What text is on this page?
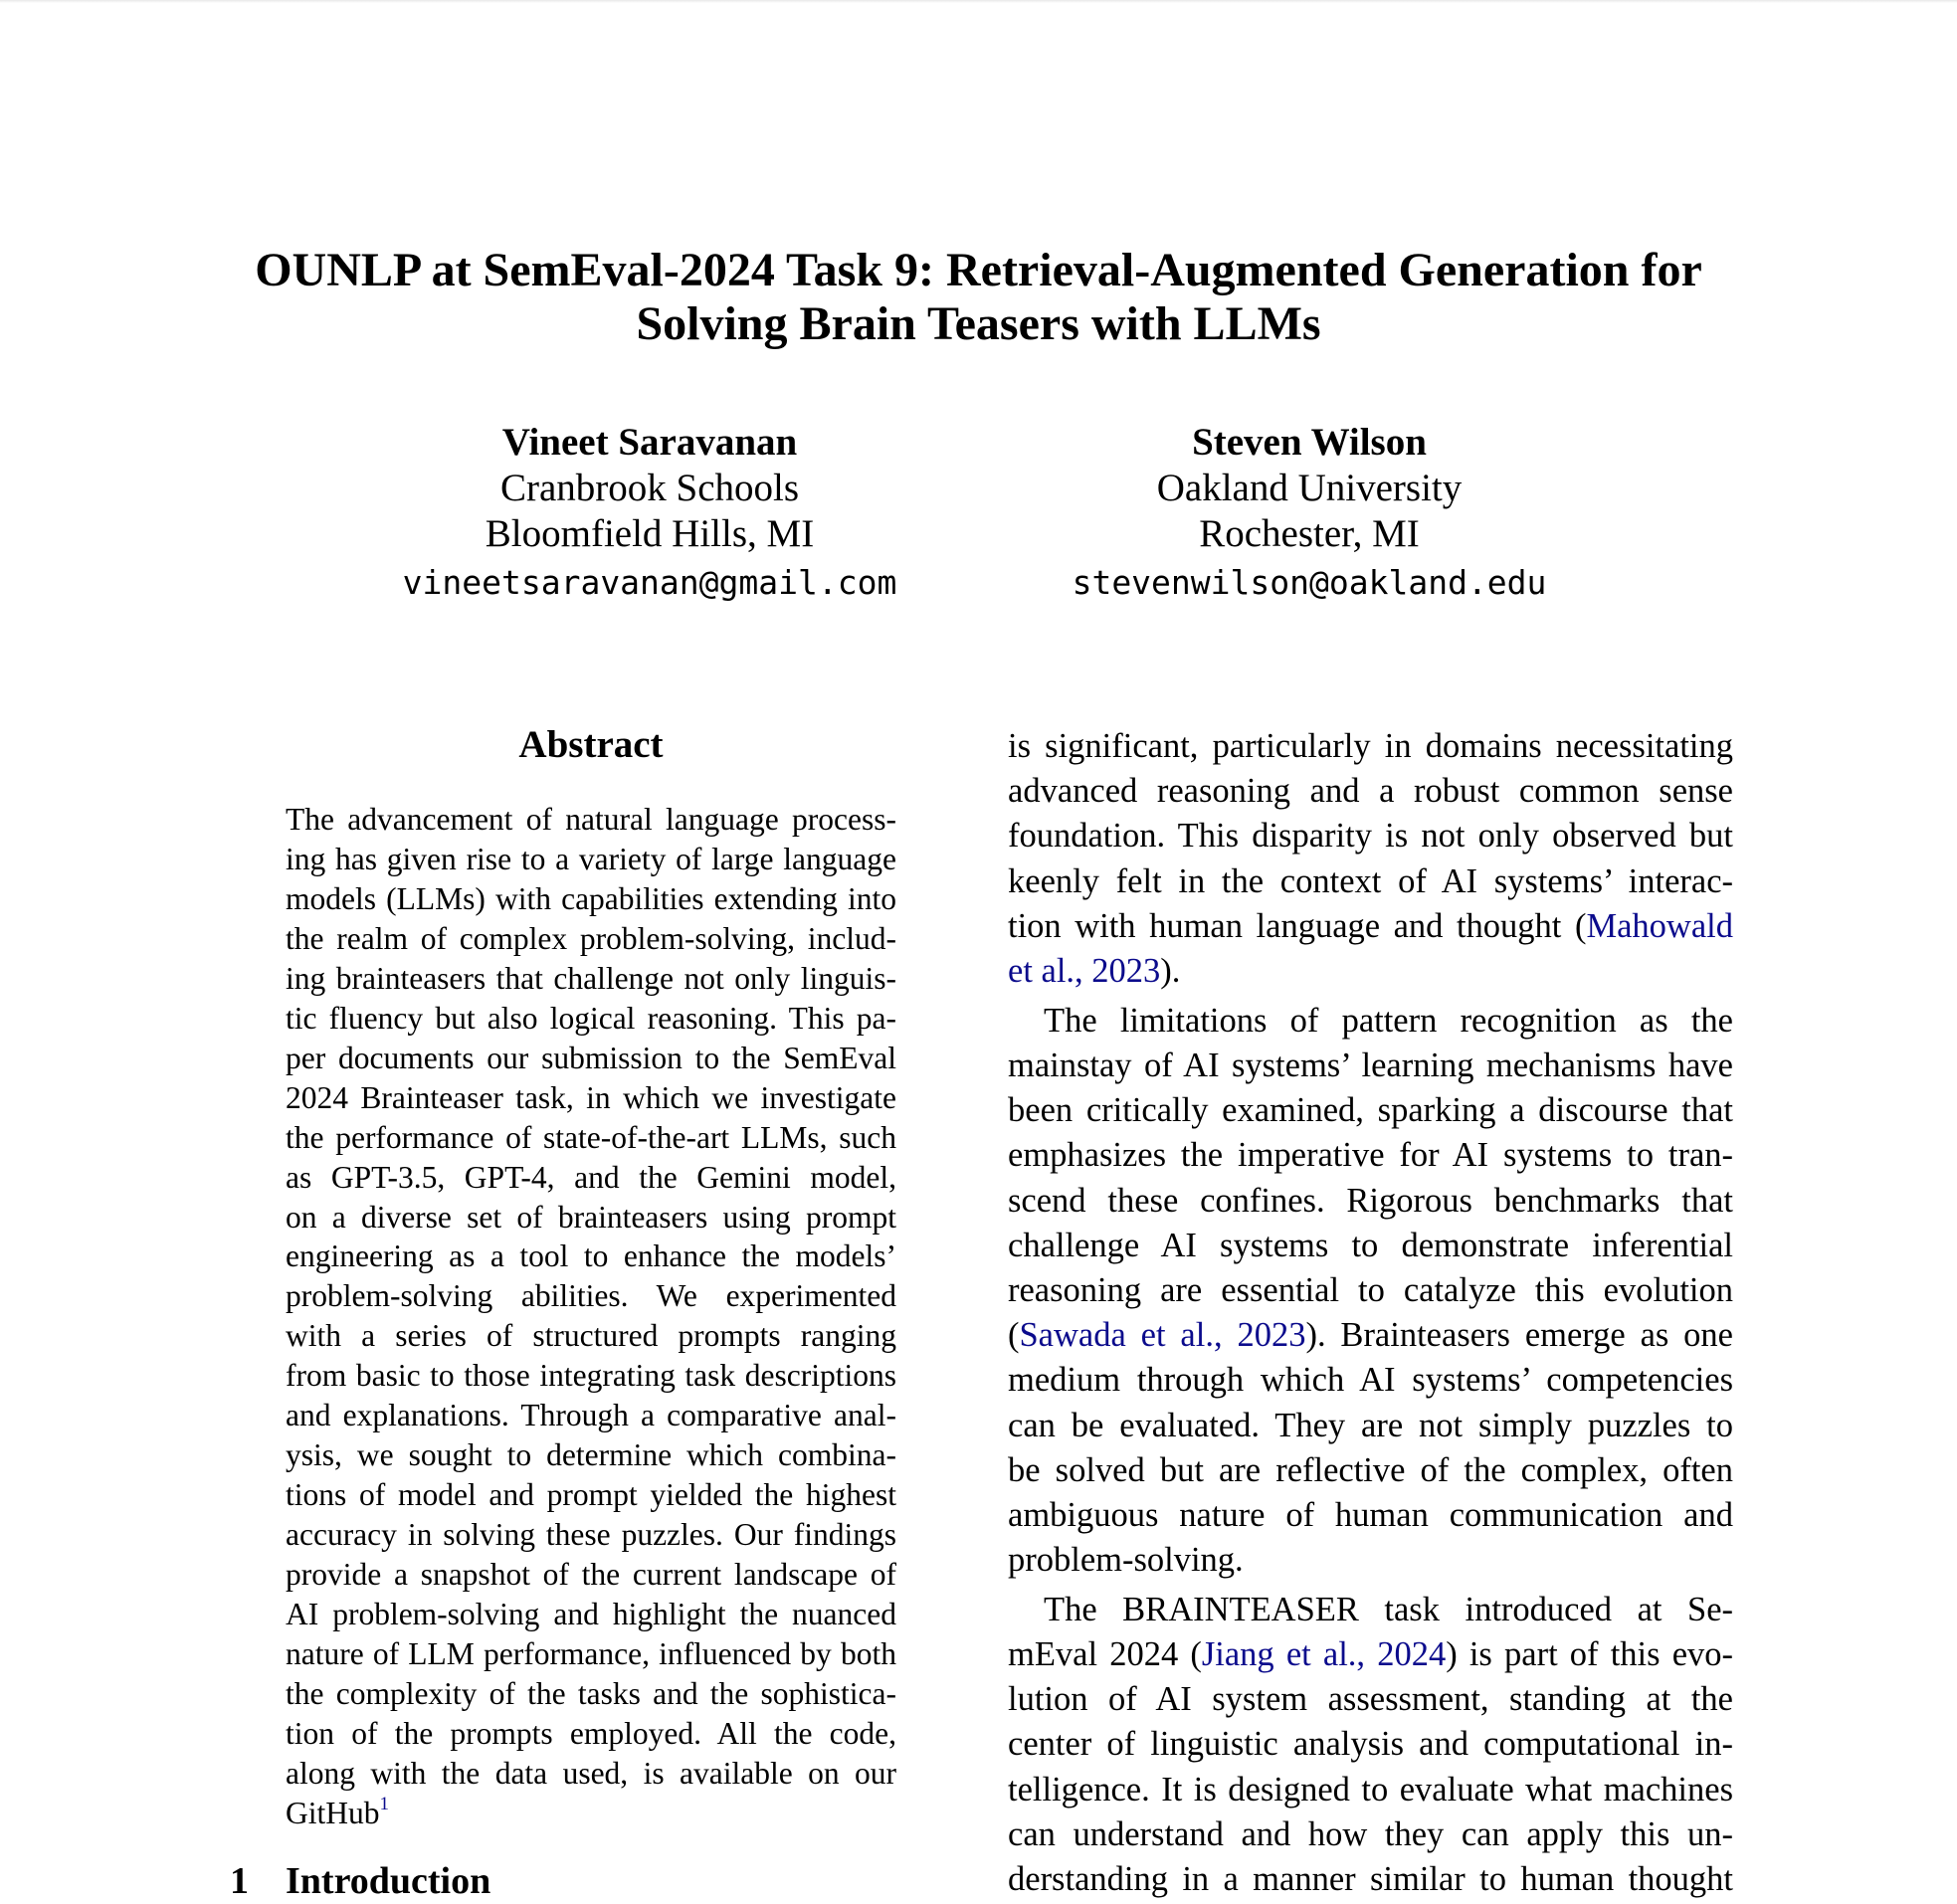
OUNLP at SemEval-2024 Task 9: Retrieval-Augmented Generation for
Solving Brain Teasers with LLMs
Vineet Saravanan
Cranbrook Schools
Bloomfield Hills, MI
vineetsaravanan@gmail.com
Steven Wilson
Oakland University
Rochester, MI
stevenwilson@oakland.edu
Abstract
The advancement of natural language process-
ing has given rise to a variety of large language
models (LLMs) with capabilities extending into
the realm of complex problem-solving, includ-
ing brainteasers that challenge not only linguis-
tic fluency but also logical reasoning. This pa-
per documents our submission to the SemEval
2024 Brainteaser task, in which we investigate
the performance of state-of-the-art LLMs, such
as GPT-3.5, GPT-4, and the Gemini model,
on a diverse set of brainteasers using prompt
engineering as a tool to enhance the models’
problem-solving abilities. We experimented
with a series of structured prompts ranging
from basic to those integrating task descriptions
and explanations. Through a comparative anal-
ysis, we sought to determine which combina-
tions of model and prompt yielded the highest
accuracy in solving these puzzles. Our findings
provide a snapshot of the current landscape of
AI problem-solving and highlight the nuanced
nature of LLM performance, influenced by both
the complexity of the tasks and the sophistica-
tion of the prompts employed. All the code,
along with the data used, is available on our
GitHub$^1$
1 Introduction
is significant, particularly in domains necessitating
advanced reasoning and a robust common sense
foundation. This disparity is not only observed but
keenly felt in the context of AI systems’ interac-
tion with human language and thought (Mahowald
et al., 2023).
The limitations of pattern recognition as the
mainstay of AI systems’ learning mechanisms have
been critically examined, sparking a discourse that
emphasizes the imperative for AI systems to tran-
scend these confines. Rigorous benchmarks that
challenge AI systems to demonstrate inferential
reasoning are essential to catalyze this evolution
(Sawada et al., 2023). Brainteasers emerge as one
medium through which AI systems’ competencies
can be evaluated. They are not simply puzzles to
be solved but are reflective of the complex, often
ambiguous nature of human communication and
problem-solving.
The BRAINTEASER task introduced at Se-
mEval 2024 (Jiang et al., 2024) is part of this evo-
lution of AI system assessment, standing at the
center of linguistic analysis and computational in-
telligence. It is designed to evaluate what machines
can understand and how they can apply this un-
derstanding in a manner similar to human thought
